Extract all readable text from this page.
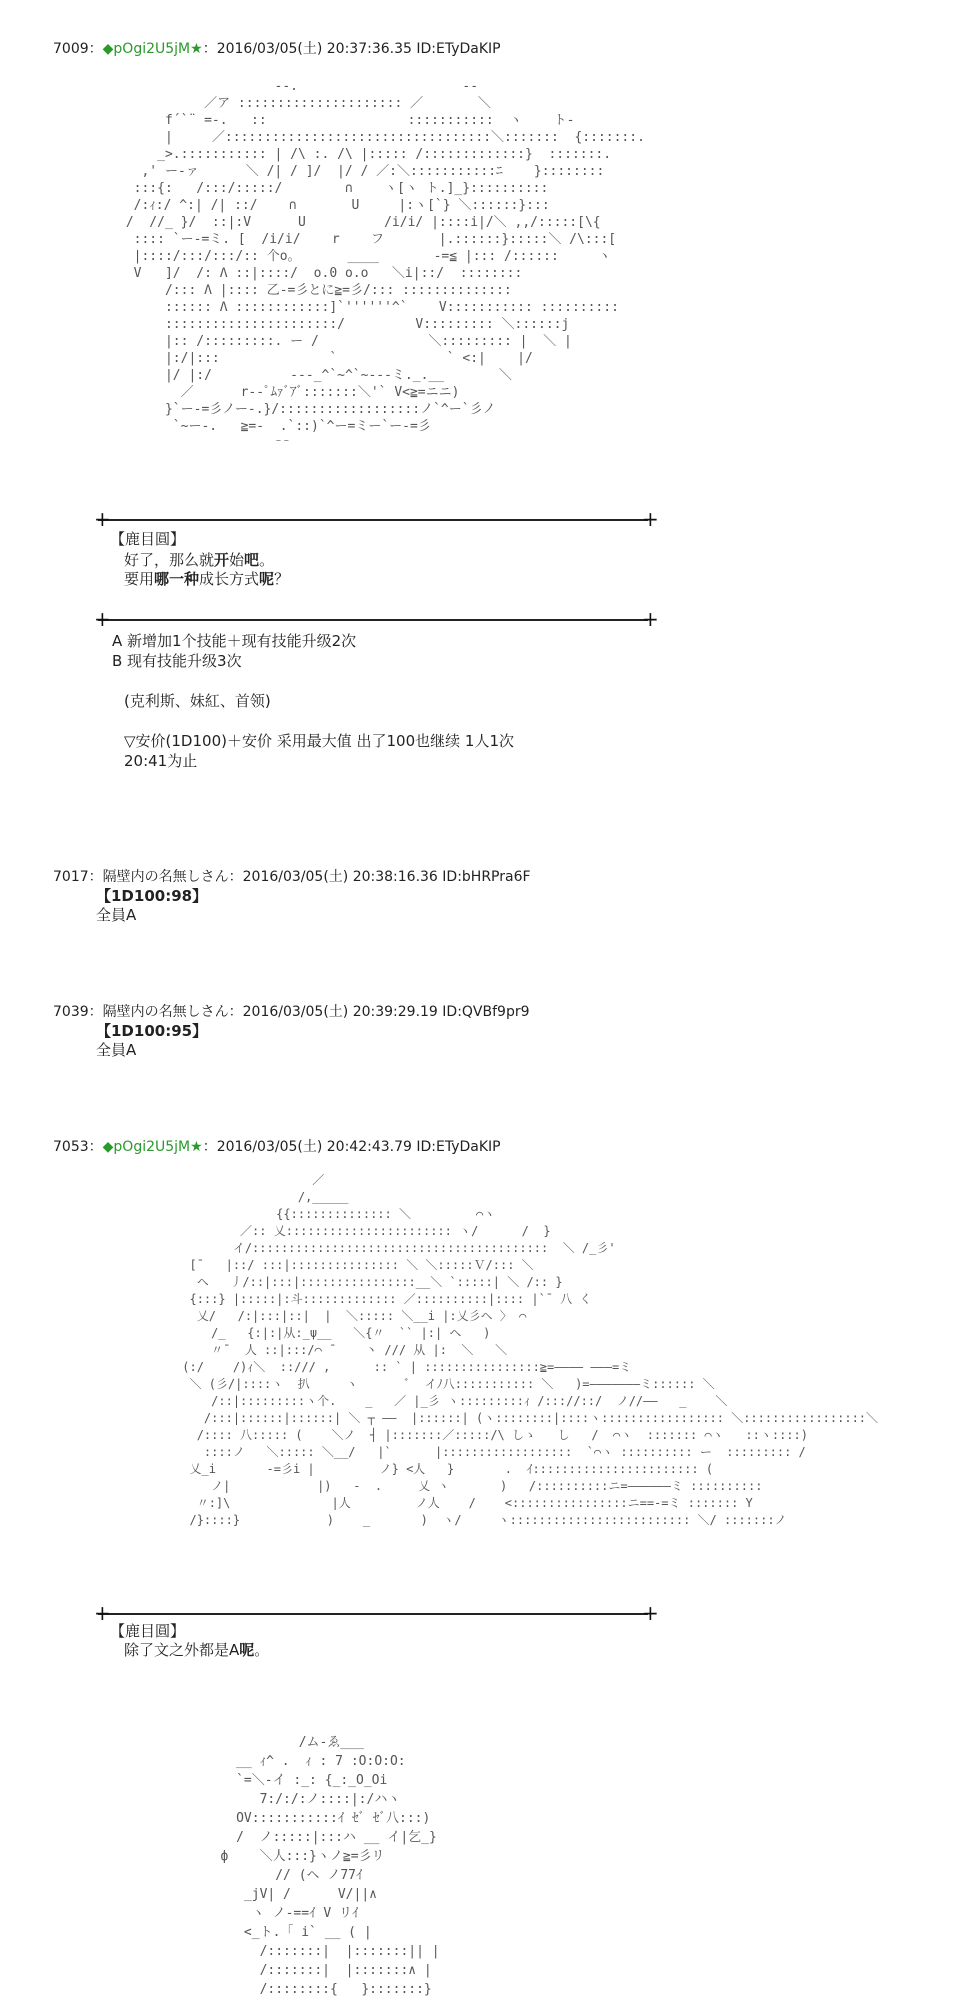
7009：◆pOgi2U5jM★：2016/03/05(土) 20:37:36.35 ID:ETyDaKIP
--.                     --
／ア ::::::::::::::::::::: ／       ＼
f´`¨ =-.   ::                  :::::::::::  ヽ    ト-
|     ／::::::::::::::::::::::::::::::::::＼:::::::  {:::::::.
_>.::::::::::: | /\ :. /\ |::::: /:::::::::::::}  :::::::.
,' ー-ァ      ＼ /| / ]/  |/ / ／:＼:::::::::::ﾆ    }::::::::
:::{:   /:::/:::::/        ∩    ヽ[ヽ ト.]_}::::::::::
/:ｨ:/ ^:| /| ::/    ∩       U     |:ヽ[`} ＼::::::}:::
/  //_ }/  ::|:V      U          /i/i/ |::::i|/＼ ,,/:::::[\{
:::: `ー-=ミ. [  /i/i/    r    フ       |.::::::}:::::＼ /\:::[
|::::/:::/:::/:: 个o。      ____       -=≦ |::: /::::::     ヽ
V   ]/  /: Λ ::|::::/  o.0 o.o   ＼i|::/  ::::::::
/::: Λ |:::: 乙-=彡とに≧=彡/::: ::::::::::::::
:::::: Λ ::::::::::::]`''''''^`    V::::::::::: ::::::::::
::::::::::::::::::::::/         V::::::::: ＼::::::j
|:: /:::::::::. ー /              ＼::::::::: |  ＼ |
|:/|:::              `              ` <:|    |/
|/ |:/          ---_^`~^`~---ミ._.__       ＼
／      r--ﾟﾑｧﾞｱﾞ:::::::＼'` V<≧=ニニ)
}`ー-=彡ノー-.}/::::::::::::::::::ノ`^ー`彡ノ
`~ー-.   ≧=-  .`::)`^ー=ミー`ー-=彡
⁻⁻
+	+
【鹿目圓】
好了，那么就开始吧。
要用哪一种成长方式呢？
+	+
A 新增加1个技能＋现有技能升级2次
B 现有技能升级3次
(克利斯、妹紅、首领)
▽安价(1D100)＋安价 采用最大值 出了100也继续 1人1次
20:41为止
7017：隔壁内の名無しさん：2016/03/05(土) 20:38:16.36 ID:bHRPra6F
【1D100:98】
全員A
7039：隔壁内の名無しさん：2016/03/05(土) 20:39:29.19 ID:QVBf9pr9
【1D100:95】
全員A
7053：◆pOgi2U5jM★：2016/03/05(土) 20:42:43.79 ID:ETyDaKIP
／
/,_____
{{:::::::::::::: ＼         ⌒ヽ
／:: 乂::::::::::::::::::::::: ヽ/      /  }
イ/:::::::::::::::::::::::::::::::::::::::::  ＼ /_彡'
[¯   |::/ :::|::::::::::::::: ＼ ＼:::::Ｖ/::: ＼
ヘ   丿/::|:::|::::::::::::::::__＼ `:::::| ＼ /:: }
{:::} |:::::|:斗::::::::::::: ／::::::::::|:::: |`¯ 八 く
乂/   /:|:::|::|  |  ＼::::: ＼__i |:乂彡ヘ 〉 ⌒
/_   {:|:|从:_ψ__   ＼{〃  `` |:| ヘ   )
〃¯  人 ::|:::/⌒ ¯    丶 /// 从 |:  ＼   ＼
(:/    /)ｨ＼  ::/// ,      :: ` | ::::::::::::::::≧=———— ———=ミ
＼ (彡/|::::ヽ  扒     ヽ       ﾞ  イﾉ八::::::::::: ＼   )=———————ミ:::::: ＼
/::|:::::::::ヽ个.    _   ／ |_彡 ヽ:::::::::ｨ /::://::/  ノ//——   _    ＼
/:::|::::::|::::::| ＼ ┬ ——  |::::::| (ヽ::::::::|::::ヽ::::::::::::::::: ＼:::::::::::::::::＼
/:::: 八::::: (    ＼ノ  ┤ |:::::::／:::::/\ しゝ   し   /  ⌒ヽ  ::::::: ⌒ヽ   ::ヽ::::)
::::ノ   ＼::::: ＼__/   |`      |::::::::::::::::::  `⌒ヽ :::::::::: ー  ::::::::: /
乂_i       -=彡i |         ノ} <人   }       .  ｲ::::::::::::::::::::::: (
ノ|            |)   -  .     乂 ヽ       )   /::::::::::ニ=——————ミ ::::::::::
〃:]\              |人         ノ人    /    <::::::::::::::::ニ==-=ミ ::::::: Y
/}::::}            )    _       )  ヽ/     ヽ::::::::::::::::::::::::: ＼/ :::::::ノ
+	+
【鹿目圓】
除了文之外都是A呢。
/ム-ゑ___
__ ｨ^ .  ｨ : 7 :O:O:O:
`=＼-イ :_: {_:_O_Oi
7:/:/:ノ::::|:/ハヽ
OV:::::::::::ｲ ｾﾞ ｾﾞ八:::)
/  ノ:::::|:::ハ __ イ|乞_}
ф    ＼人:::}ヽノ≧=彡リ
// (ヘ ノ77ｲ
_jV| /      V/||∧
ヽ ノ-==ｲ V リｲ
<_ト.「 i` __ ( |
/:::::::|  |:::::::|| |
/:::::::|  |:::::::∧ |
/::::::::{   }:::::::}
